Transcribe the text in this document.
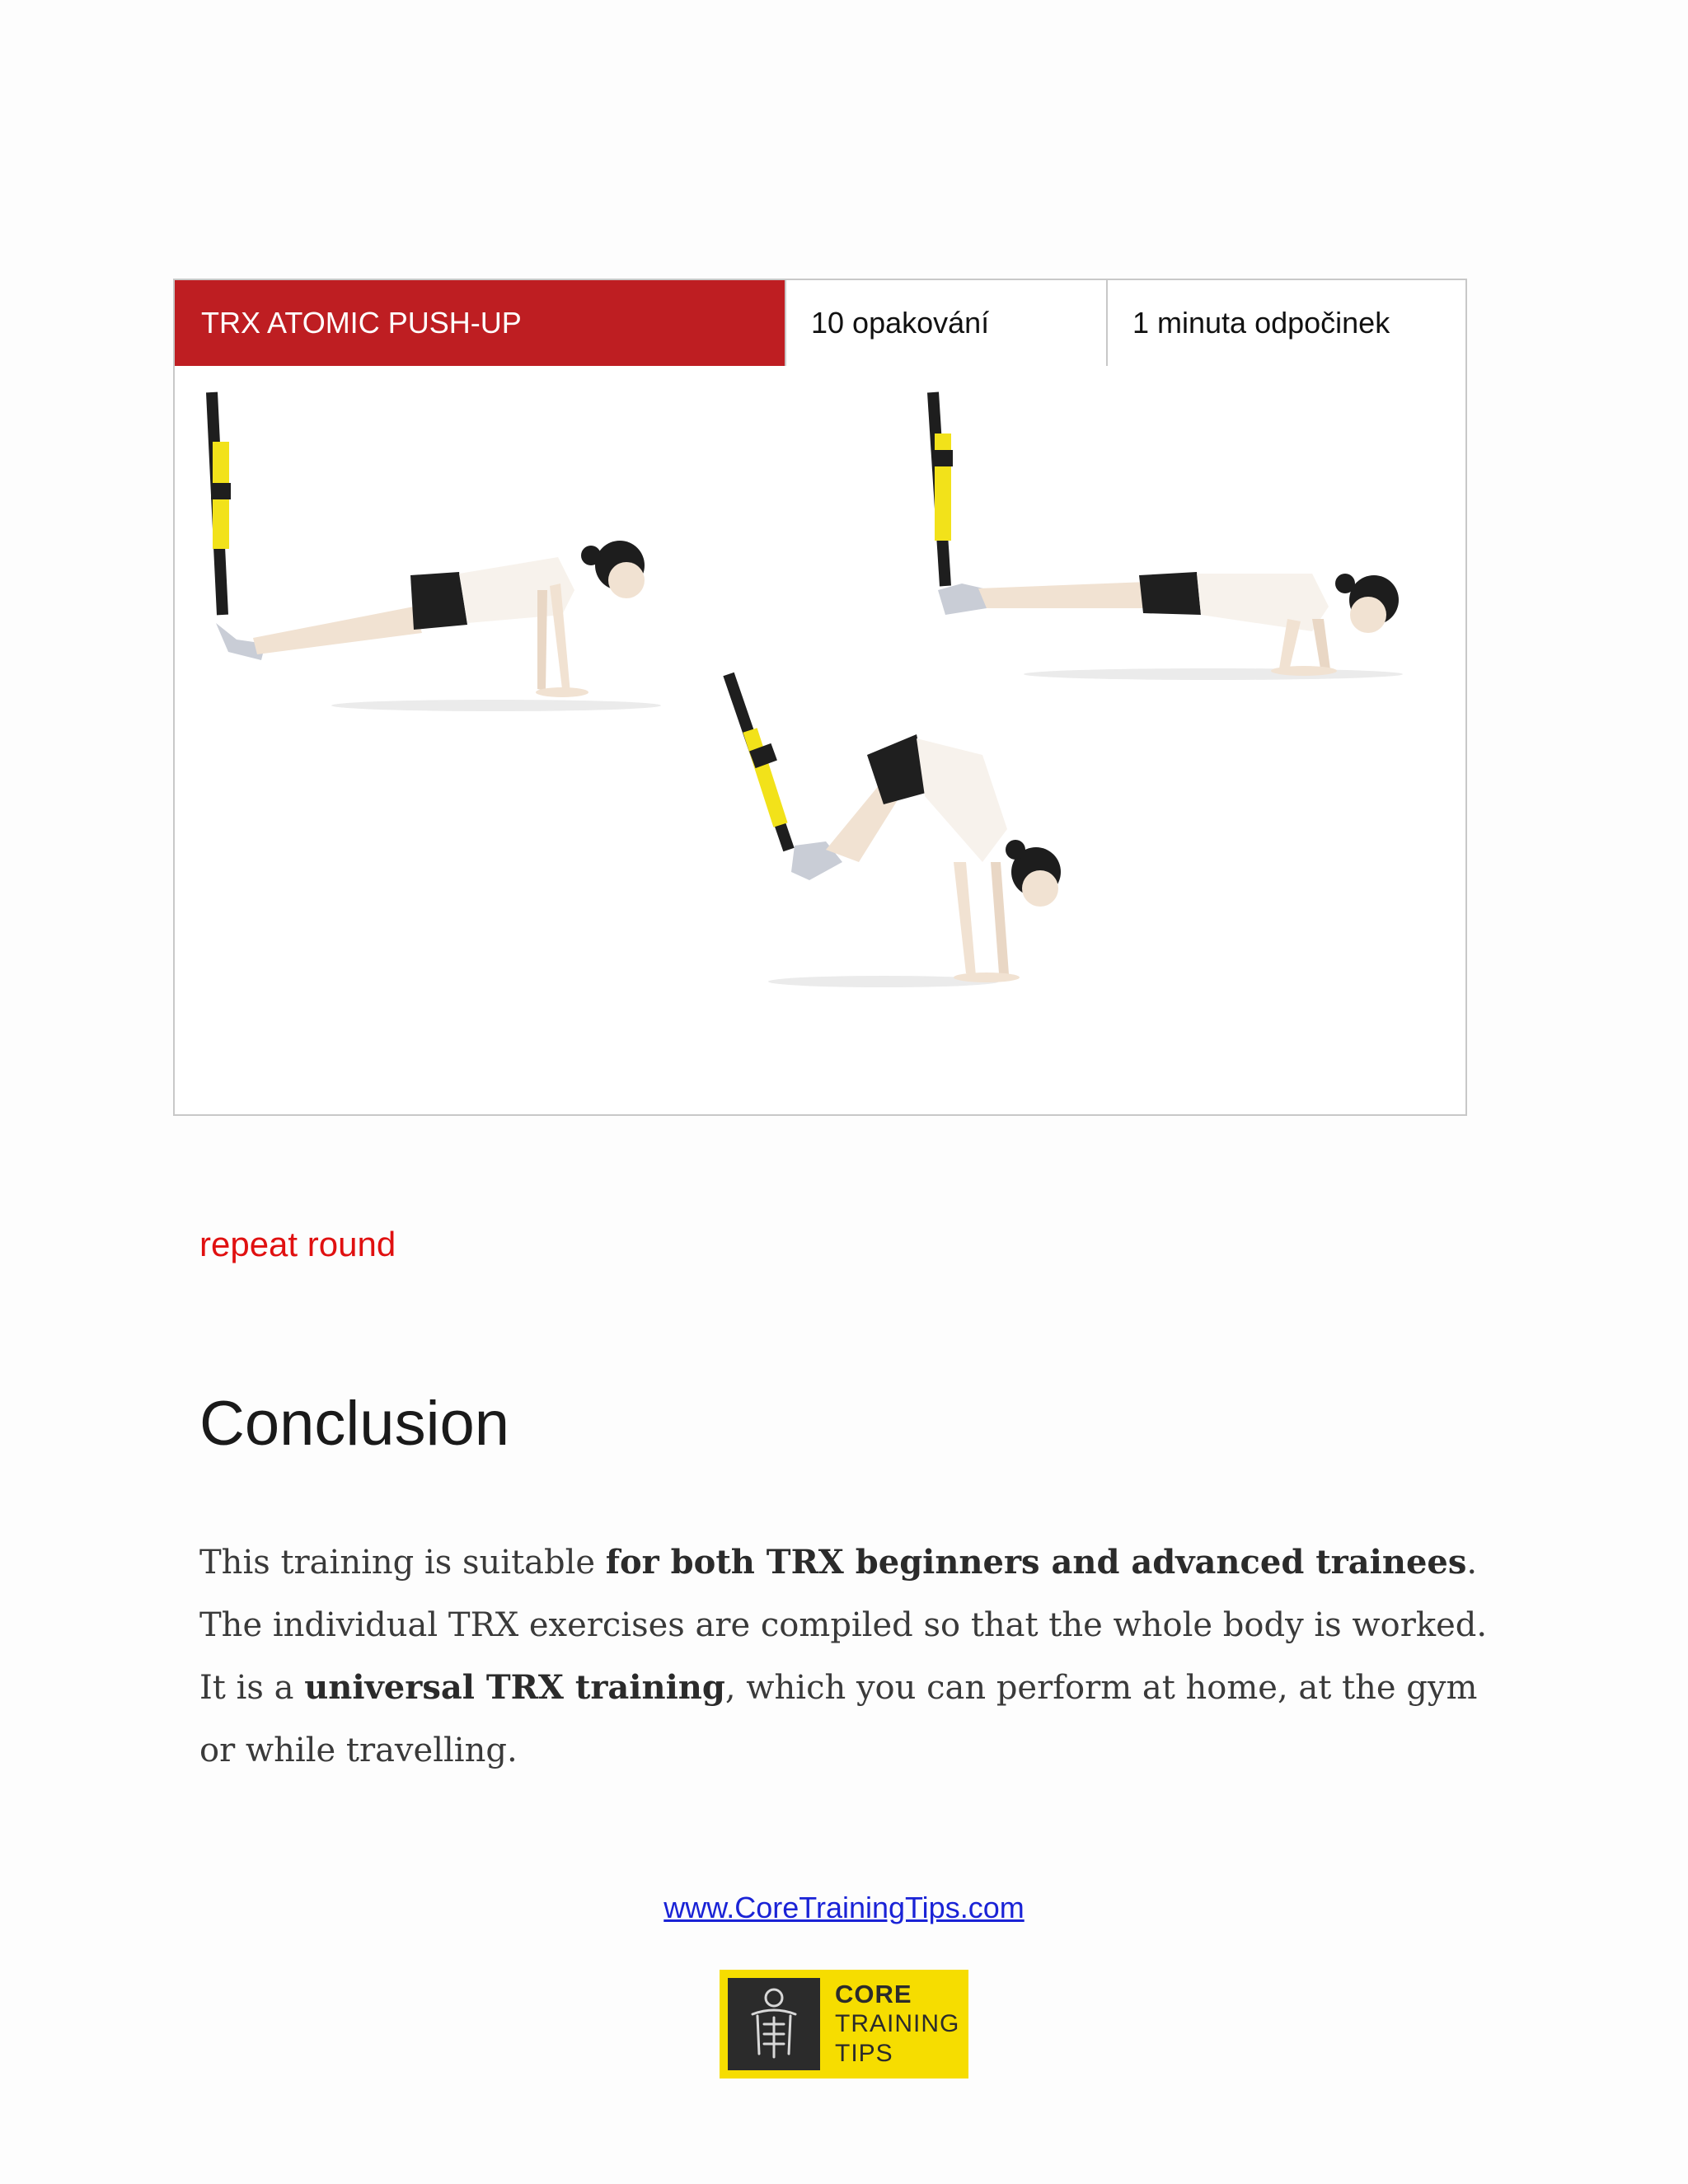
TRX ATOMIC PUSH-UP	10 opakování	1 minuta odpočinek
repeat round
Conclusion
This training is suitable for both TRX beginners and advanced trainees. The individual TRX exercises are compiled so that the whole body is worked. It is a universal TRX training, which you can perform at home, at the gym or while travelling.
www.CoreTrainingTips.com
CORE
TRAINING
TIPS
